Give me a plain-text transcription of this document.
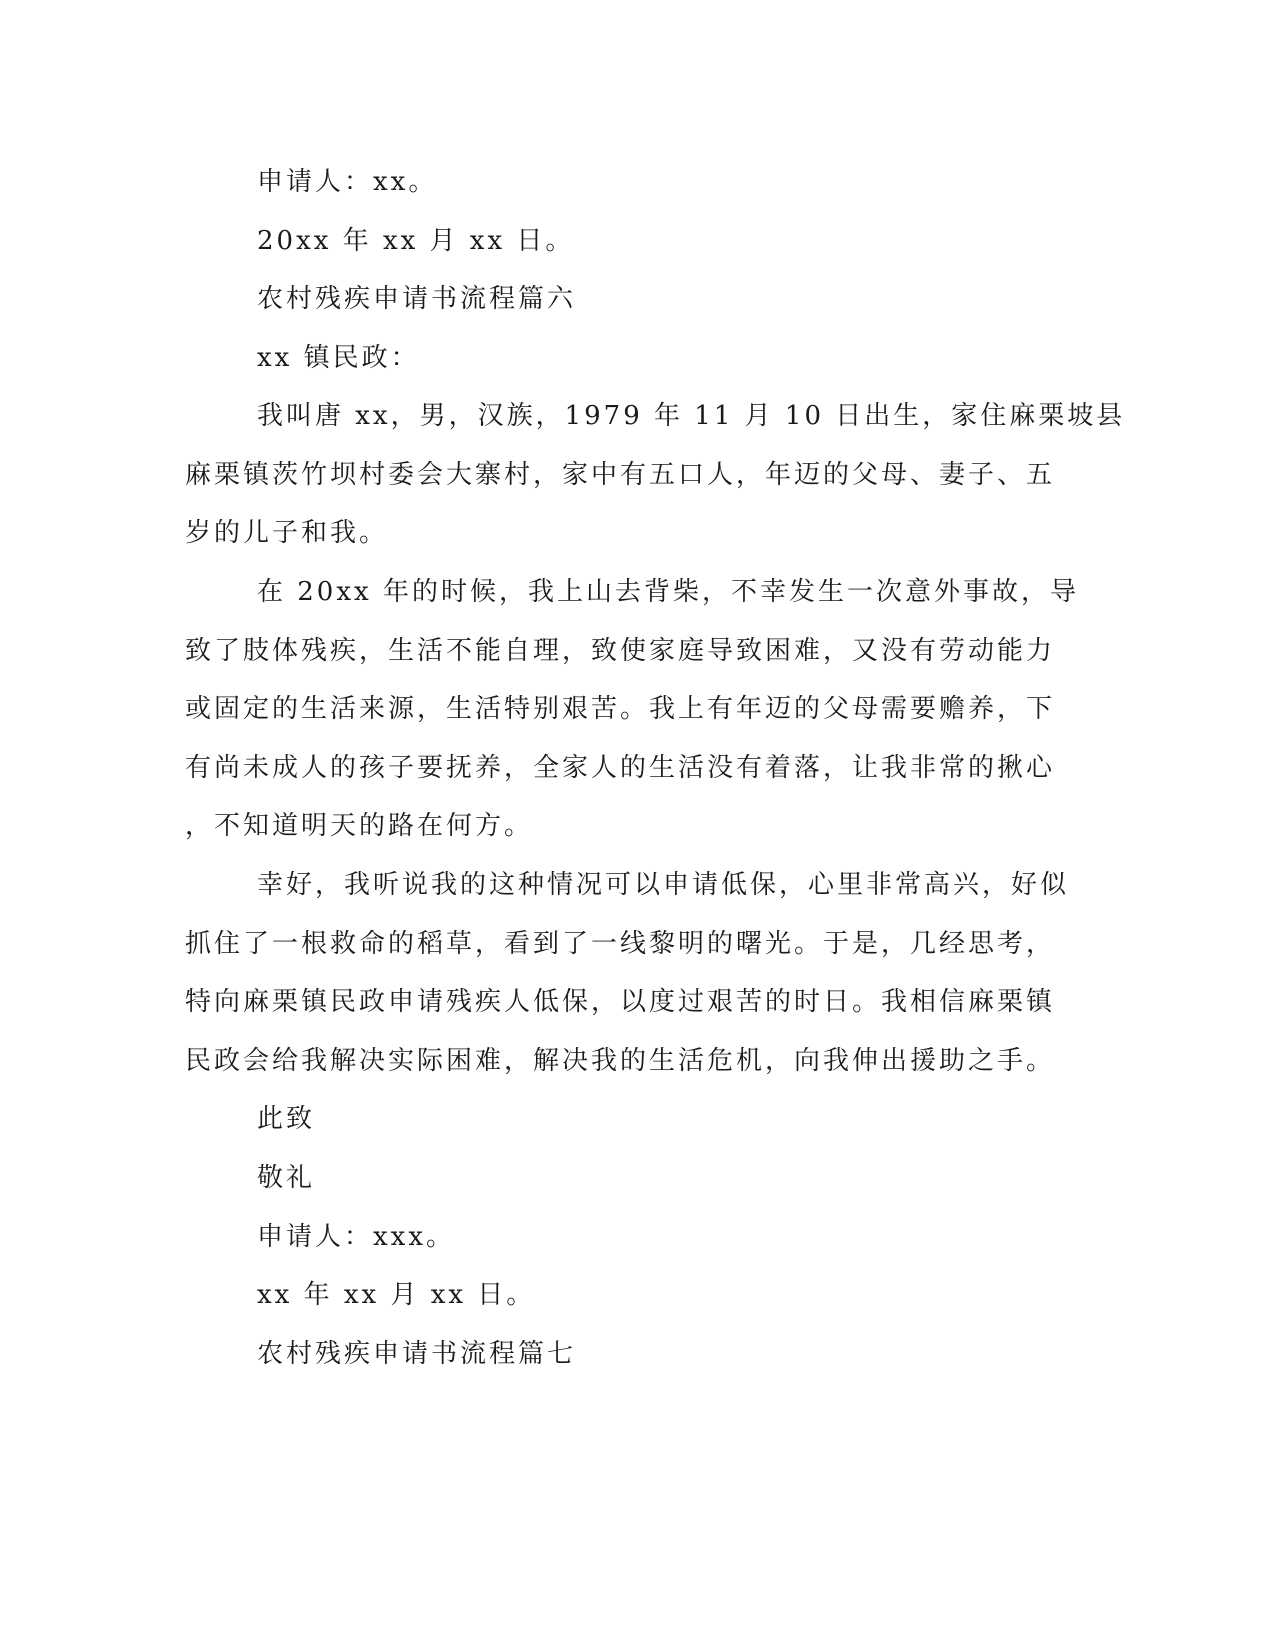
申请人：xx。
20xx 年 xx 月 xx 日。
农村残疾申请书流程篇六
xx 镇民政：
我叫唐 xx，男，汉族，1979 年 11 月 10 日出生，家住麻栗坡县
麻栗镇茨竹坝村委会大寨村，家中有五口人，年迈的父母、妻子、五
岁的儿子和我。
在 20xx 年的时候，我上山去背柴，不幸发生一次意外事故，导
致了肢体残疾，生活不能自理，致使家庭导致困难，又没有劳动能力
或固定的生活来源，生活特别艰苦。我上有年迈的父母需要赡养，下
有尚未成人的孩子要抚养，全家人的生活没有着落，让我非常的揪心
，不知道明天的路在何方。
幸好，我听说我的这种情况可以申请低保，心里非常高兴，好似
抓住了一根救命的稻草，看到了一线黎明的曙光。于是，几经思考，
特向麻栗镇民政申请残疾人低保，以度过艰苦的时日。我相信麻栗镇
民政会给我解决实际困难，解决我的生活危机，向我伸出援助之手。
此致
敬礼
申请人：xxx。
xx 年 xx 月 xx 日。
农村残疾申请书流程篇七
